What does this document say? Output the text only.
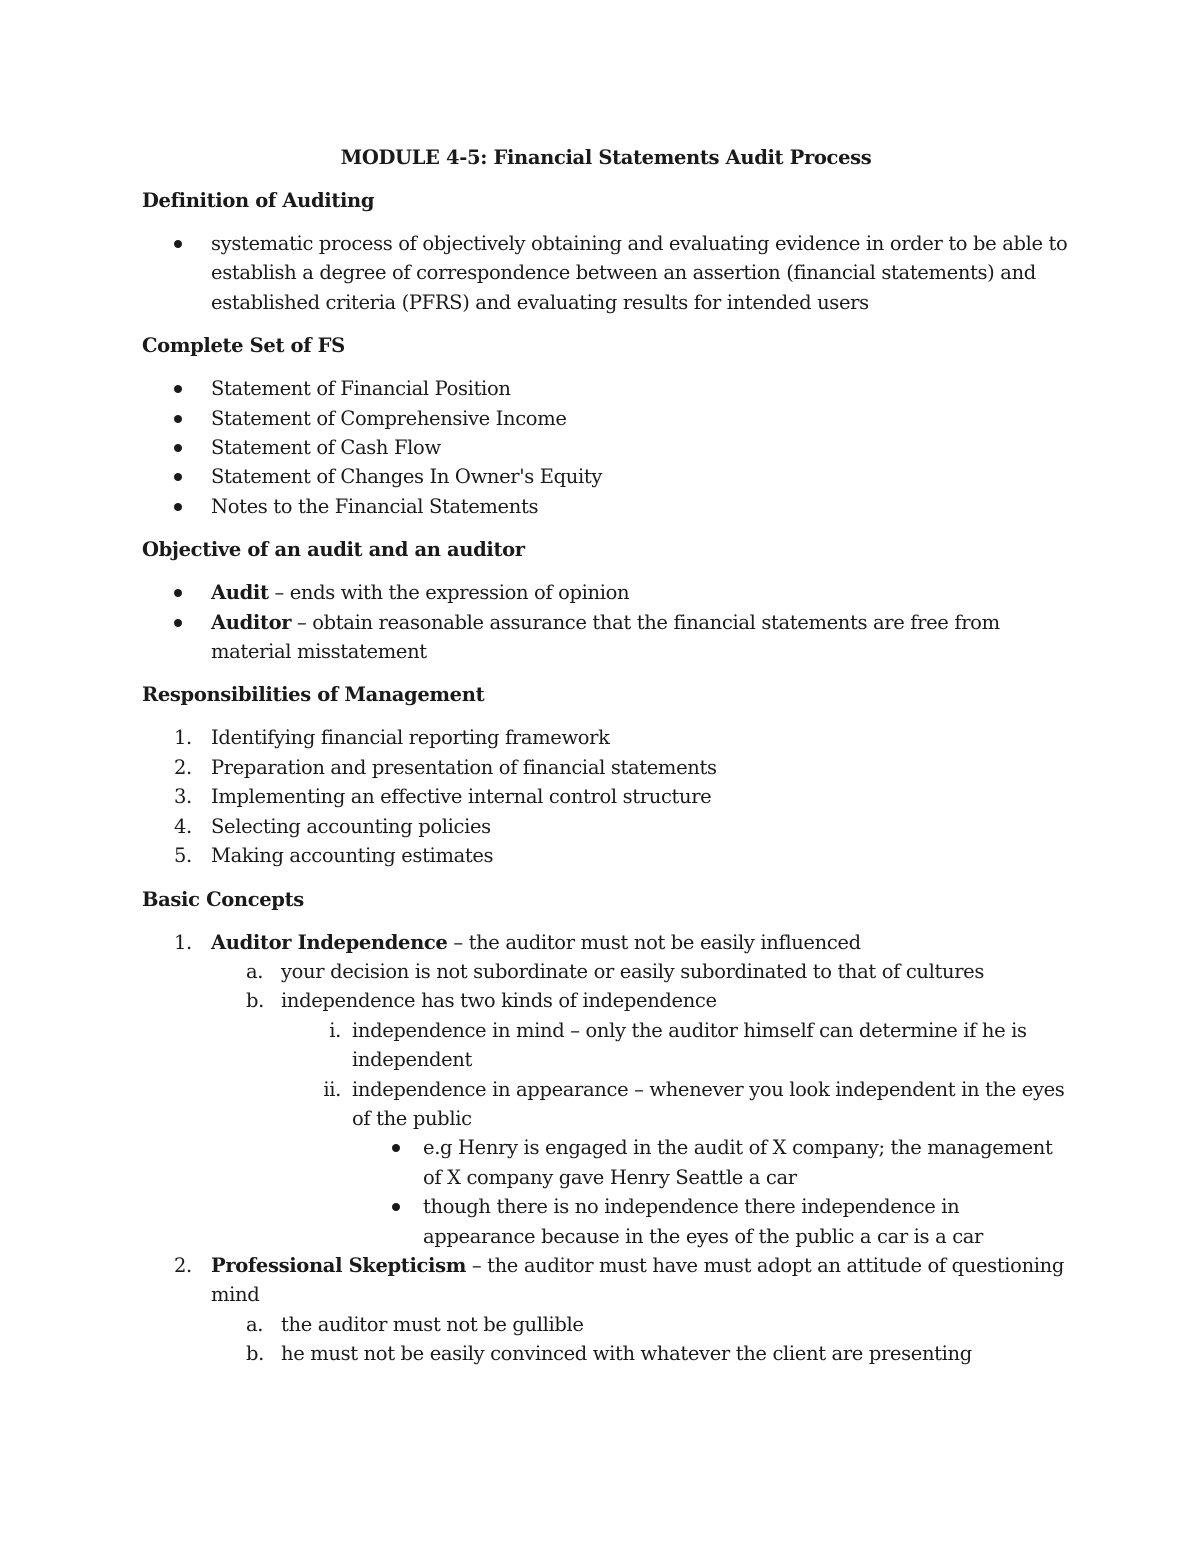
MODULE 4-5: Financial Statements Audit Process
Definition of Auditing
systematic process of objectively obtaining and evaluating evidence in order to be able to establish a degree of correspondence between an assertion (financial statements) and established criteria (PFRS) and evaluating results for intended users
Complete Set of FS
Statement of Financial Position
Statement of Comprehensive Income
Statement of Cash Flow
Statement of Changes In Owner's Equity
Notes to the Financial Statements
Objective of an audit and an auditor
Audit – ends with the expression of opinion
Auditor – obtain reasonable assurance that the financial statements are free from material misstatement
Responsibilities of Management
1. Identifying financial reporting framework
2. Preparation and presentation of financial statements
3. Implementing an effective internal control structure
4. Selecting accounting policies
5. Making accounting estimates
Basic Concepts
1. Auditor Independence – the auditor must not be easily influenced
a. your decision is not subordinate or easily subordinated to that of cultures
b. independence has two kinds of independence
i. independence in mind – only the auditor himself can determine if he is independent
ii. independence in appearance – whenever you look independent in the eyes of the public
e.g Henry is engaged in the audit of X company; the management of X company gave Henry Seattle a car
though there is no independence there independence in appearance because in the eyes of the public a car is a car
2. Professional Skepticism – the auditor must have must adopt an attitude of questioning mind
a. the auditor must not be gullible
b. he must not be easily convinced with whatever the client are presenting
